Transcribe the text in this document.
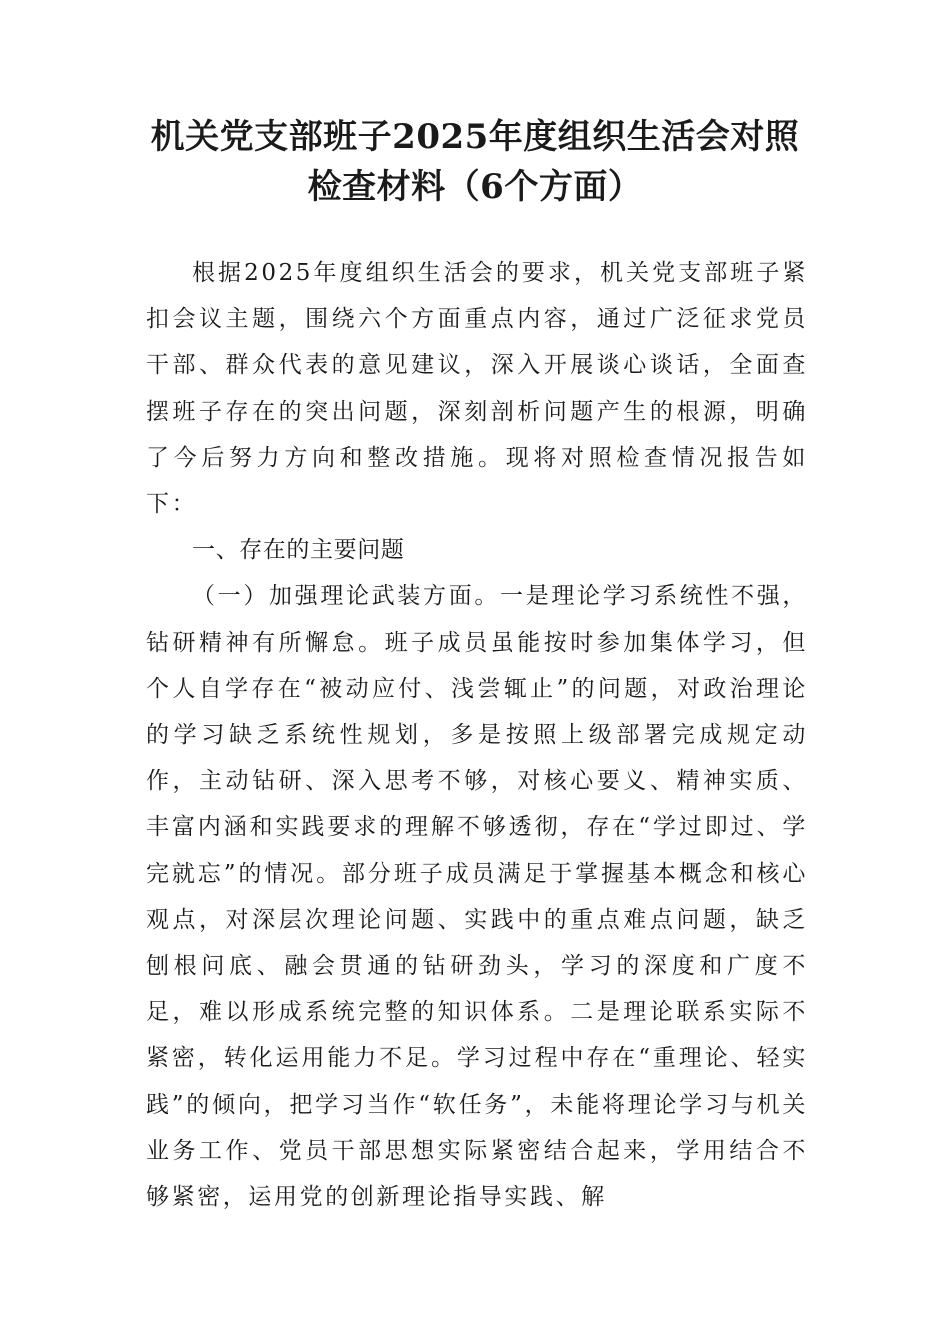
机关党支部班子2025年度组织生活会对照
检查材料（6个方面）

根据2025年度组织生活会的要求，机关党支部班子紧扣会议主题，围绕六个方面重点内容，通过广泛征求党员干部、群众代表的意见建议，深入开展谈心谈话，全面查摆班子存在的突出问题，深刻剖析问题产生的根源，明确了今后努力方向和整改措施。现将对照检查情况报告如下：

一、存在的主要问题

（一）加强理论武装方面。一是理论学习系统性不强，钻研精神有所懈怠。班子成员虽能按时参加集体学习，但个人自学存在“被动应付、浅尝辄止”的问题，对政治理论的学习缺乏系统性规划，多是按照上级部署完成规定动作，主动钻研、深入思考不够，对核心要义、精神实质、丰富内涵和实践要求的理解不够透彻，存在“学过即过、学完就忘”的情况。部分班子成员满足于掌握基本概念和核心观点，对深层次理论问题、实践中的重点难点问题，缺乏刨根问底、融会贯通的钻研劲头，学习的深度和广度不足，难以形成系统完整的知识体系。二是理论联系实际不紧密，转化运用能力不足。学习过程中存在“重理论、轻实践”的倾向，把学习当作“软任务”，未能将理论学习与机关业务工作、党员干部思想实际紧密结合起来，学用结合不够紧密，运用党的创新理论指导实践、解
